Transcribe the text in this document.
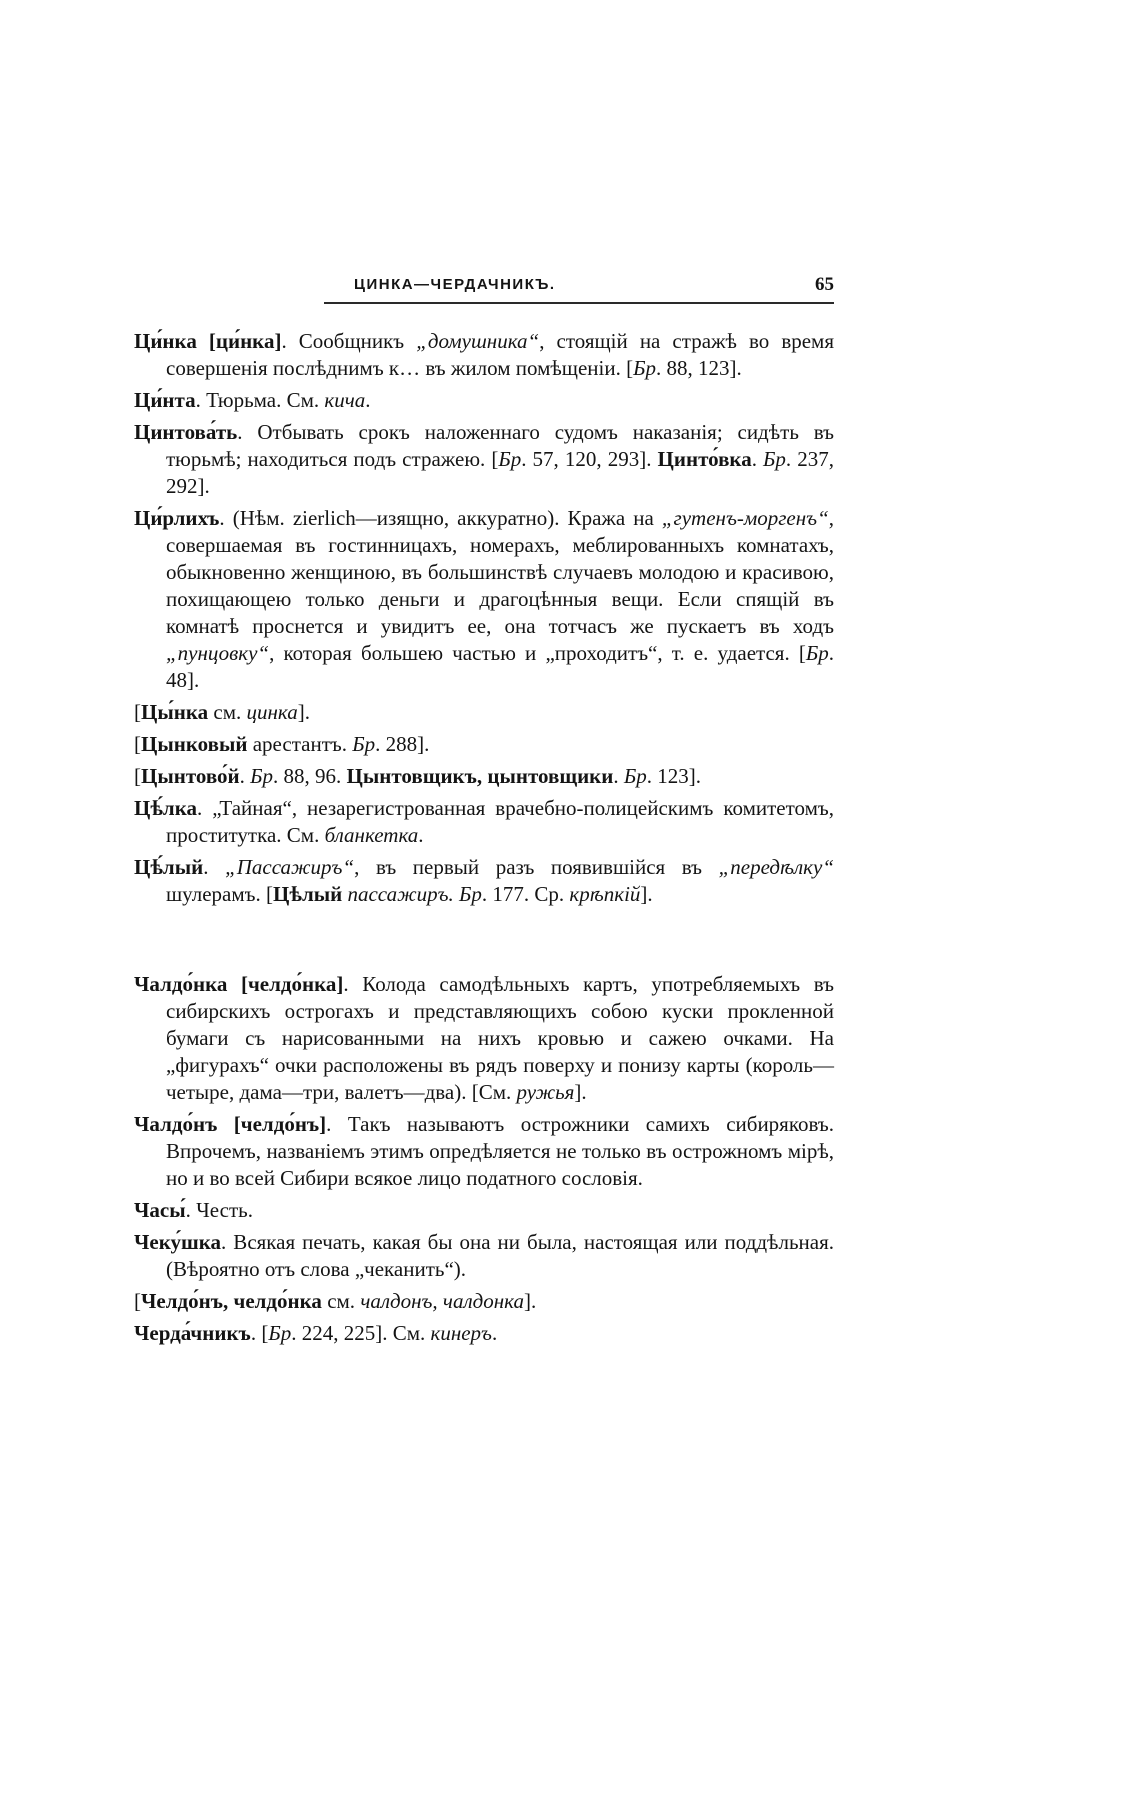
ЦИНКА—ЧЕРДАЧНИКЪ.	65

Ци́нка [ци́нка]. Сообщникъ „домушника“, стоящій на стражѣ во время совершенія послѣднимъ к… въ жилом помѣщеніи. [Бр. 88, 123].

Ци́нта. Тюрьма. См. кича.

Цинтова́ть. Отбывать срокъ наложеннаго судомъ наказанія; сидѣть въ тюрьмѣ; находиться подъ стражею. [Бр. 57, 120, 293]. Цинто́вка. Бр. 237, 292].

Ци́рлихъ. (Нѣм. zierlich—изящно, аккуратно). Кража на „гутенъ-моргенъ“, совершаемая въ гостинницахъ, номерахъ, меблированныхъ комнатахъ, обыкновенно женщиною, въ большинствѣ случаевъ молодою и красивою, похищающею только деньги и драгоцѣнныя вещи. Если спящій въ комнатѣ проснется и увидитъ ее, она тотчасъ же пускаетъ въ ходъ „пунцовку“, которая большею частью и „проходитъ“, т. е. удается. [Бр. 48].

[Цы́нка см. цинка].

[Цынковый арестантъ. Бр. 288].

[Цынтово́й. Бр. 88, 96. Цынтовщикъ, цынтовщики. Бр. 123].

Цѣ́лка. „Тайная“, незарегистрованная врачебно-полицейскимъ комитетомъ, проститутка. См. бланкетка.

Цѣ́лый. „Пассажиръ“, въ первый разъ появившійся въ „передѣлку“ шулерамъ. [Цѣлый пассажиръ. Бр. 177. Ср. крѣпкій].

Чалдо́нка [челдо́нка]. Колода самодѣльныхъ картъ, употребляемыхъ въ сибирскихъ острогахъ и представляющихъ собою куски прокленной бумаги съ нарисованными на нихъ кровью и сажею очками. На „фигурахъ“ очки расположены въ рядъ поверху и понизу карты (король—четыре, дама—три, валетъ—два). [См. ружья].

Чалдо́нъ [челдо́нъ]. Такъ называютъ острожники самихъ сибиряковъ. Впрочемъ, названіемъ этимъ опредѣляется не только въ острожномъ мірѣ, но и во всей Сибири всякое лицо податного сословія.

Часы́. Честь.

Чеку́шка. Всякая печать, какая бы она ни была, настоящая или поддѣльная. (Вѣроятно отъ слова „чеканить“).

[Челдо́нъ, челдо́нка см. чалдонъ, чалдонка].

Черда́чникъ. [Бр. 224, 225]. См. кинеръ.
